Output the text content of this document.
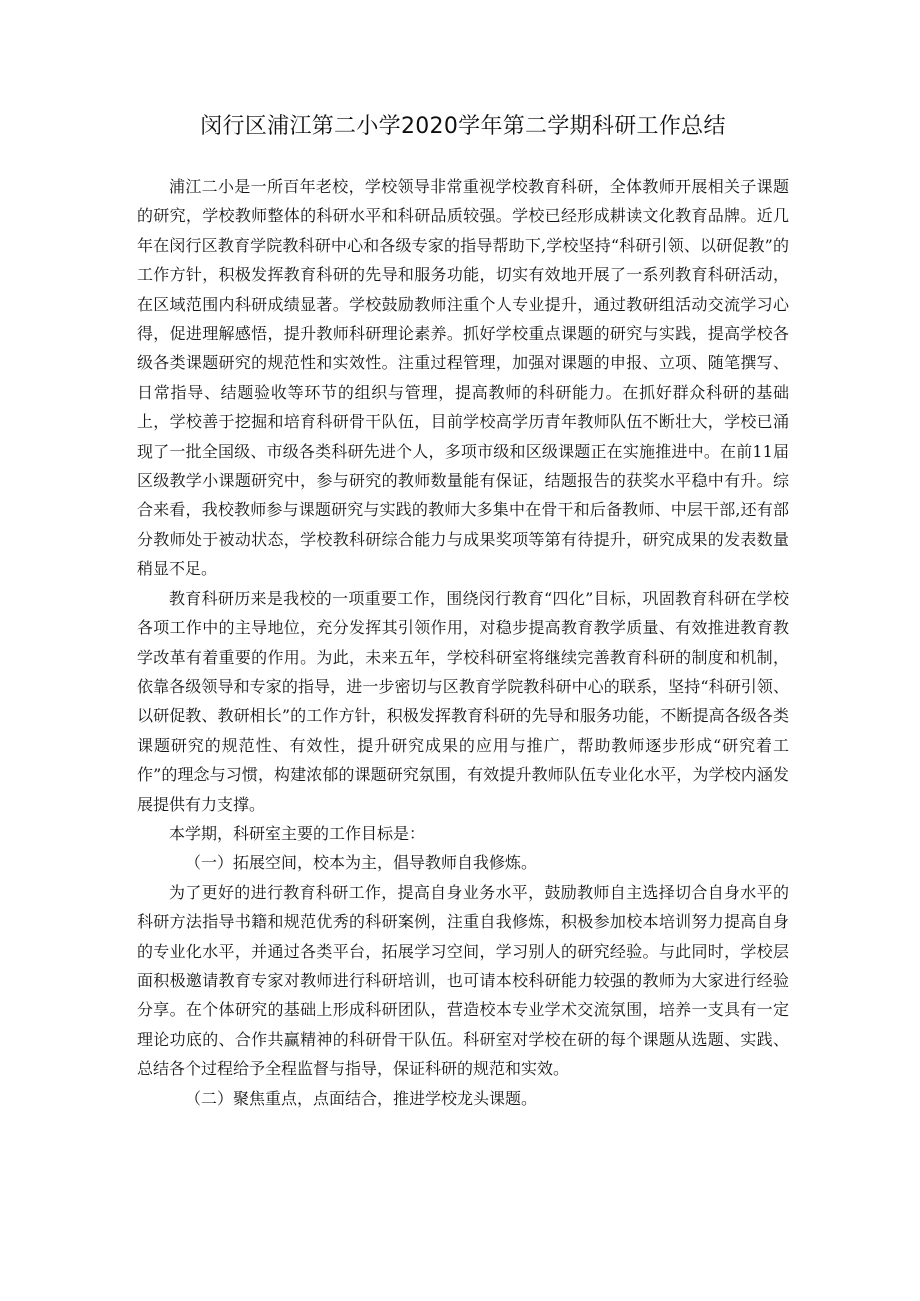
闵行区浦江第二小学2020学年第二学期科研工作总结

浦江二小是一所百年老校，学校领导非常重视学校教育科研，全体教师开展相关子课题的研究，学校教师整体的科研水平和科研品质较强。学校已经形成耕读文化教育品牌。近几年在闵行区教育学院教科研中心和各级专家的指导帮助下,学校坚持“科研引领、以研促教”的工作方针，积极发挥教育科研的先导和服务功能，切实有效地开展了一系列教育科研活动，在区域范围内科研成绩显著。学校鼓励教师注重个人专业提升，通过教研组活动交流学习心得，促进理解感悟，提升教师科研理论素养。抓好学校重点课题的研究与实践，提高学校各级各类课题研究的规范性和实效性。注重过程管理，加强对课题的申报、立项、随笔撰写、日常指导、结题验收等环节的组织与管理，提高教师的科研能力。在抓好群众科研的基础上，学校善于挖掘和培育科研骨干队伍，目前学校高学历青年教师队伍不断壮大，学校已涌现了一批全国级、市级各类科研先进个人，多项市级和区级课题正在实施推进中。在前11届区级教学小课题研究中，参与研究的教师数量能有保证，结题报告的获奖水平稳中有升。综合来看，我校教师参与课题研究与实践的教师大多集中在骨干和后备教师、中层干部,还有部分教师处于被动状态，学校教科研综合能力与成果奖项等第有待提升，研究成果的发表数量稍显不足。

教育科研历来是我校的一项重要工作，围绕闵行教育“四化”目标，巩固教育科研在学校各项工作中的主导地位，充分发挥其引领作用，对稳步提高教育教学质量、有效推进教育教学改革有着重要的作用。为此，未来五年，学校科研室将继续完善教育科研的制度和机制，依靠各级领导和专家的指导，进一步密切与区教育学院教科研中心的联系，坚持“科研引领、以研促教、教研相长”的工作方针，积极发挥教育科研的先导和服务功能，不断提高各级各类课题研究的规范性、有效性，提升研究成果的应用与推广，帮助教师逐步形成“研究着工作”的理念与习惯，构建浓郁的课题研究氛围，有效提升教师队伍专业化水平，为学校内涵发展提供有力支撑。

本学期，科研室主要的工作目标是：

（一）拓展空间，校本为主，倡导教师自我修炼。

为了更好的进行教育科研工作，提高自身业务水平，鼓励教师自主选择切合自身水平的科研方法指导书籍和规范优秀的科研案例，注重自我修炼，积极参加校本培训努力提高自身的专业化水平，并通过各类平台，拓展学习空间，学习别人的研究经验。与此同时，学校层面积极邀请教育专家对教师进行科研培训，也可请本校科研能力较强的教师为大家进行经验分享。在个体研究的基础上形成科研团队，营造校本专业学术交流氛围，培养一支具有一定理论功底的、合作共赢精神的科研骨干队伍。科研室对学校在研的每个课题从选题、实践、总结各个过程给予全程监督与指导，保证科研的规范和实效。

（二）聚焦重点，点面结合，推进学校龙头课题。
